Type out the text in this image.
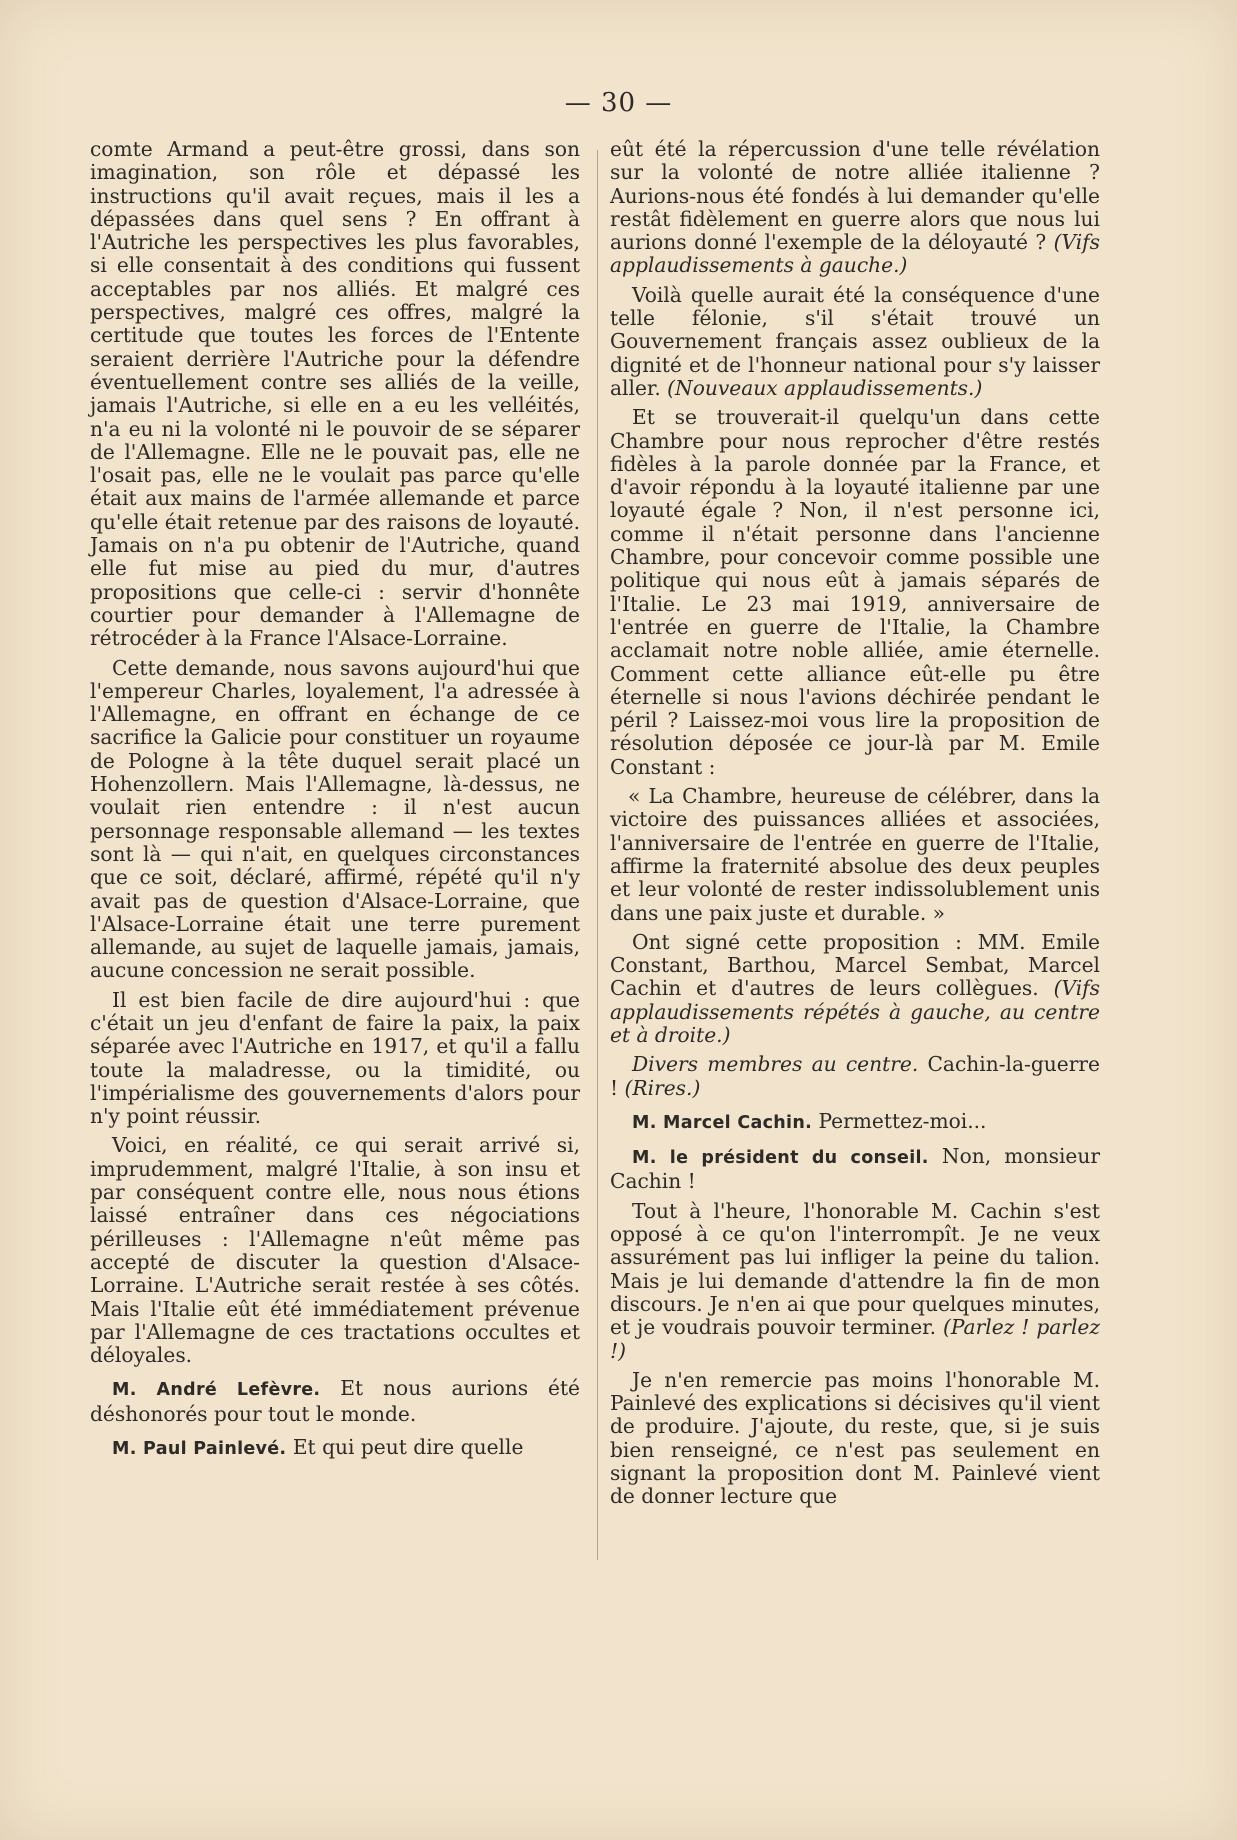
— 30 —

comte Armand a peut-être grossi, dans son imagination, son rôle et dépassé les instructions qu'il avait reçues, mais il les a dépassées dans quel sens ? En offrant à l'Autriche les perspectives les plus favorables, si elle consentait à des conditions qui fussent acceptables par nos alliés. Et malgré ces perspectives, malgré ces offres, malgré la certitude que toutes les forces de l'Entente seraient derrière l'Autriche pour la défendre éventuellement contre ses alliés de la veille, jamais l'Autriche, si elle en a eu les velléités, n'a eu ni la volonté ni le pouvoir de se séparer de l'Allemagne. Elle ne le pouvait pas, elle ne l'osait pas, elle ne le voulait pas parce qu'elle était aux mains de l'armée allemande et parce qu'elle était retenue par des raisons de loyauté. Jamais on n'a pu obtenir de l'Autriche, quand elle fut mise au pied du mur, d'autres propositions que celle-ci : servir d'honnête courtier pour demander à l'Allemagne de rétrocéder à la France l'Alsace-Lorraine.

Cette demande, nous savons aujourd'hui que l'empereur Charles, loyalement, l'a adressée à l'Allemagne, en offrant en échange de ce sacrifice la Galicie pour constituer un royaume de Pologne à la tête duquel serait placé un Hohenzollern. Mais l'Allemagne, là-dessus, ne voulait rien entendre : il n'est aucun personnage responsable allemand — les textes sont là — qui n'ait, en quelques circonstances que ce soit, déclaré, affirmé, répété qu'il n'y avait pas de question d'Alsace-Lorraine, que l'Alsace-Lorraine était une terre purement allemande, au sujet de laquelle jamais, jamais, aucune concession ne serait possible.

Il est bien facile de dire aujourd'hui : que c'était un jeu d'enfant de faire la paix, la paix séparée avec l'Autriche en 1917, et qu'il a fallu toute la maladresse, ou la timidité, ou l'impérialisme des gouvernements d'alors pour n'y point réussir.

Voici, en réalité, ce qui serait arrivé si, imprudemment, malgré l'Italie, à son insu et par conséquent contre elle, nous nous étions laissé entraîner dans ces négociations périlleuses : l'Allemagne n'eût même pas accepté de discuter la question d'Alsace-Lorraine. L'Autriche serait restée à ses côtés. Mais l'Italie eût été immédiatement prévenue par l'Allemagne de ces tractations occultes et déloyales.

M. André Lefèvre. Et nous aurions été déshonorés pour tout le monde.

M. Paul Painlevé. Et qui peut dire quelle

eût été la répercussion d'une telle révélation sur la volonté de notre alliée italienne ? Aurions-nous été fondés à lui demander qu'elle restât fidèlement en guerre alors que nous lui aurions donné l'exemple de la déloyauté ? (Vifs applaudissements à gauche.)

Voilà quelle aurait été la conséquence d'une telle félonie, s'il s'était trouvé un Gouvernement français assez oublieux de la dignité et de l'honneur national pour s'y laisser aller. (Nouveaux applaudissements.)

Et se trouverait-il quelqu'un dans cette Chambre pour nous reprocher d'être restés fidèles à la parole donnée par la France, et d'avoir répondu à la loyauté italienne par une loyauté égale ? Non, il n'est personne ici, comme il n'était personne dans l'ancienne Chambre, pour concevoir comme possible une politique qui nous eût à jamais séparés de l'Italie. Le 23 mai 1919, anniversaire de l'entrée en guerre de l'Italie, la Chambre acclamait notre noble alliée, amie éternelle. Comment cette alliance eût-elle pu être éternelle si nous l'avions déchirée pendant le péril ? Laissez-moi vous lire la proposition de résolution déposée ce jour-là par M. Emile Constant :

« La Chambre, heureuse de célébrer, dans la victoire des puissances alliées et associées, l'anniversaire de l'entrée en guerre de l'Italie, affirme la fraternité absolue des deux peuples et leur volonté de rester indissolublement unis dans une paix juste et durable. »

Ont signé cette proposition : MM. Emile Constant, Barthou, Marcel Sembat, Marcel Cachin et d'autres de leurs collègues. (Vifs applaudissements répétés à gauche, au centre et à droite.)

Divers membres au centre. Cachin-la-guerre ! (Rires.)

M. Marcel Cachin. Permettez-moi...

M. le président du conseil. Non, monsieur Cachin !

Tout à l'heure, l'honorable M. Cachin s'est opposé à ce qu'on l'interrompît. Je ne veux assurément pas lui infliger la peine du talion. Mais je lui demande d'attendre la fin de mon discours. Je n'en ai que pour quelques minutes, et je voudrais pouvoir terminer. (Parlez ! parlez !)

Je n'en remercie pas moins l'honorable M. Painlevé des explications si décisives qu'il vient de produire. J'ajoute, du reste, que, si je suis bien renseigné, ce n'est pas seulement en signant la proposition dont M. Painlevé vient de donner lecture que
